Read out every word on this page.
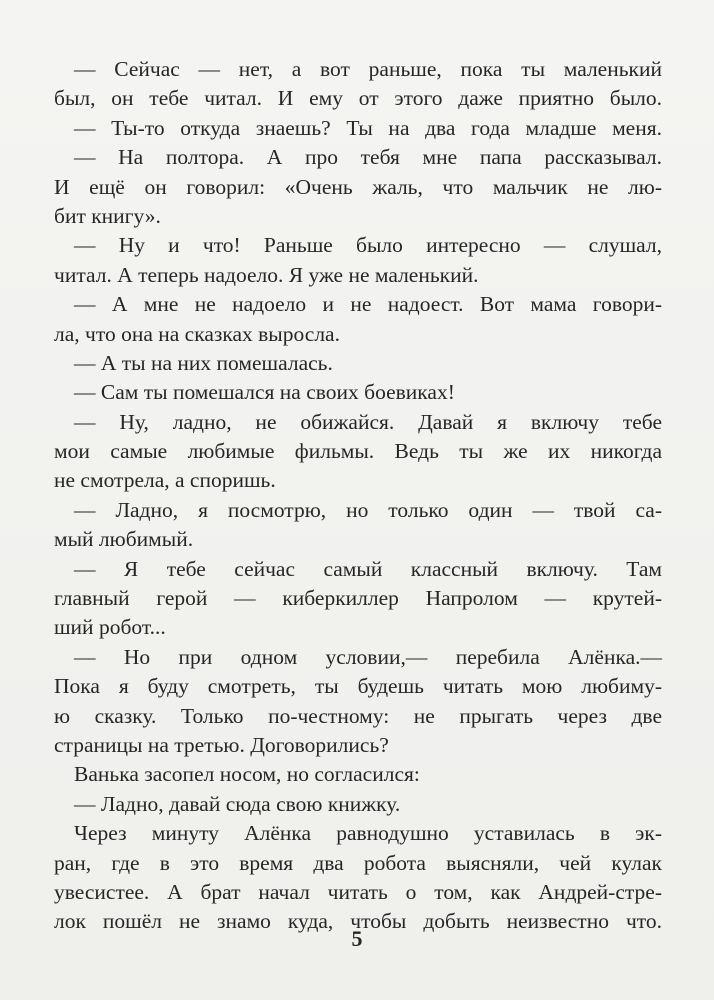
— Сейчас — нет, а вот раньше, пока ты маленький
был, он тебе читал. И ему от этого даже приятно было.
— Ты-то откуда знаешь? Ты на два года младше меня.
— На полтора. А про тебя мне папа рассказывал.
И ещё он говорил: «Очень жаль, что мальчик не лю-
бит книгу».
— Ну и что! Раньше было интересно — слушал,
читал. А теперь надоело. Я уже не маленький.
— А мне не надоело и не надоест. Вот мама говори-
ла, что она на сказках выросла.
— А ты на них помешалась.
— Сам ты помешался на своих боевиках!
— Ну, ладно, не обижайся. Давай я включу тебе
мои самые любимые фильмы. Ведь ты же их никогда
не смотрела, а споришь.
— Ладно, я посмотрю, но только один — твой са-
мый любимый.
— Я тебе сейчас самый классный включу. Там
главный герой — киберкиллер Напролом — крутей-
ший робот...
— Но при одном условии,— перебила Алёнка.—
Пока я буду смотреть, ты будешь читать мою любиму-
ю сказку. Только по-честному: не прыгать через две
страницы на третью. Договорились?
Ванька засопел носом, но согласился:
— Ладно, давай сюда свою книжку.
Через минуту Алёнка равнодушно уставилась в эк-
ран, где в это время два робота выясняли, чей кулак
увесистее. А брат начал читать о том, как Андрей-стре-
лок пошёл не знамо куда, чтобы добыть неизвестно что.
5
